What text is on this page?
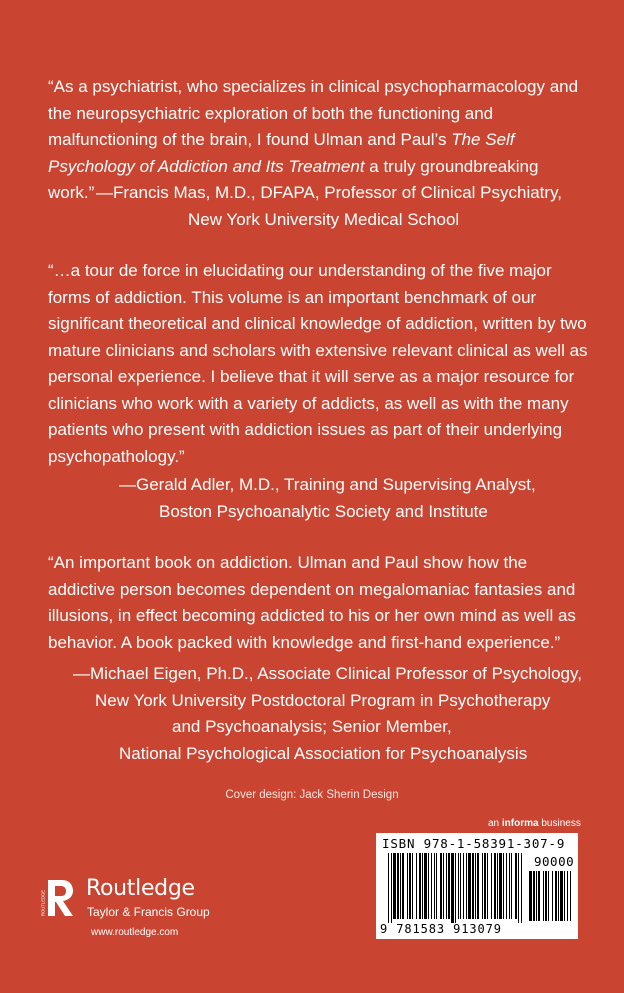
“As a psychiatrist, who specializes in clinical psychopharmacology and the neuropsychiatric exploration of both the functioning and malfunctioning of the brain, I found Ulman and Paul’s The Self Psychology of Addiction and Its Treatment a truly groundbreaking work.” —Francis Mas, M.D., DFAPA, Professor of Clinical Psychiatry,
New York University Medical School

“…a tour de force in elucidating our understanding of the five major forms of addiction. This volume is an important benchmark of our significant theoretical and clinical knowledge of addiction, written by two mature clinicians and scholars with extensive relevant clinical as well as personal experience. I believe that it will serve as a major resource for clinicians who work with a variety of addicts, as well as with the many patients who present with addiction issues as part of their underlying psychopathology.”

—Gerald Adler, M.D., Training and Supervising Analyst,
Boston Psychoanalytic Society and Institute

“An important book on addiction. Ulman and Paul show how the addictive person becomes dependent on megalomaniac fantasies and illusions, in effect becoming addicted to his or her own mind as well as behavior. A book packed with knowledge and first-hand experience.”

—Michael Eigen, Ph.D., Associate Clinical Professor of Psychology,
New York University Postdoctoral Program in Psychotherapy
and Psychoanalysis; Senior Member,
National Psychological Association for Psychoanalysis
Cover design: Jack Sherin Design
ROUTLEDGE
Routledge
Taylor & Francis Group
www.routledge.com
an informa business
ISBN 978-1-58391-307-9
90000
9 781583 913079
